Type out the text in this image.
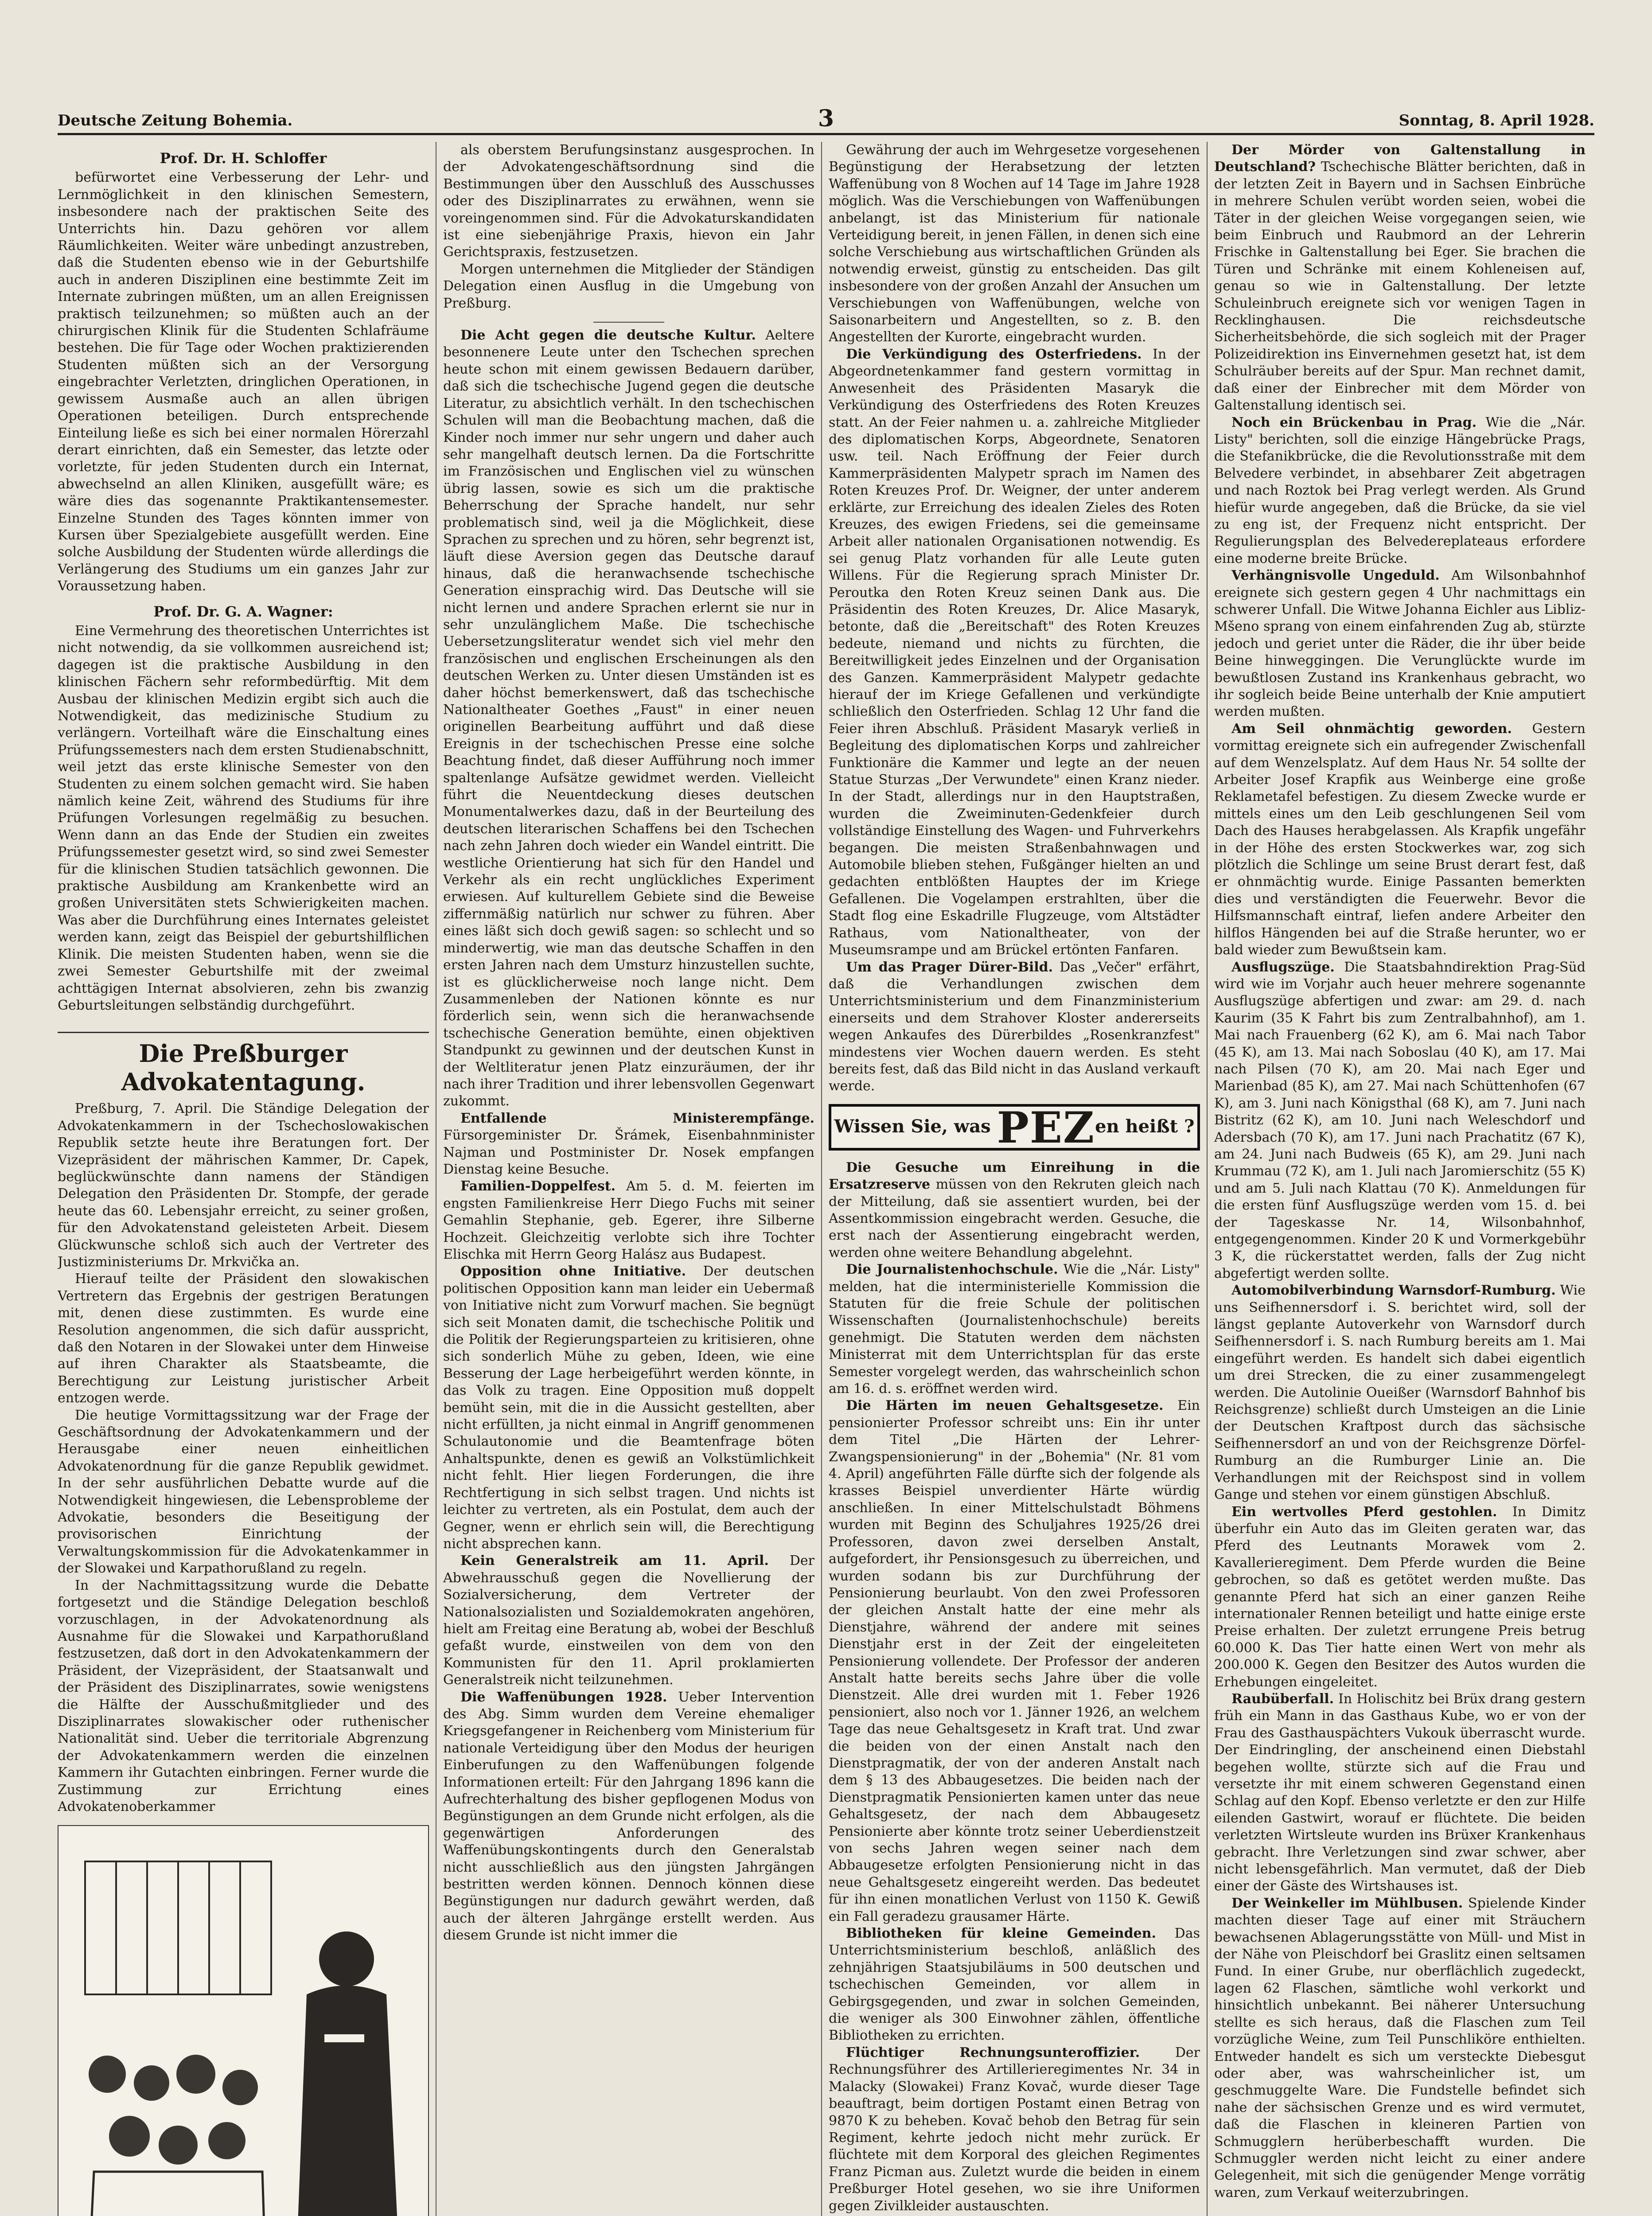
Deutsche Zeitung Bohemia.	3	Sonntag, 8. April 1928.

Prof. Dr. H. Schloffer

befürwortet eine Verbesserung der Lehr- und Lernmöglichkeit in den klinischen Semestern, insbesondere nach der praktischen Seite des Unterrichts hin. Dazu gehören vor allem Räumlichkeiten. Weiter wäre unbedingt anzustreben, daß die Studenten ebenso wie in der Geburtshilfe auch in anderen Disziplinen eine bestimmte Zeit im Internate zubringen müßten, um an allen Ereignissen praktisch teilzunehmen; so müßten auch an der chirurgischen Klinik für die Studenten Schlafräume bestehen. Die für Tage oder Wochen praktizierenden Studenten müßten sich an der Versorgung eingebrachter Verletzten, dringlichen Operationen, in gewissem Ausmaße auch an allen übrigen Operationen beteiligen. Durch entsprechende Einteilung ließe es sich bei einer normalen Hörerzahl derart einrichten, daß ein Semester, das letzte oder vorletzte, für jeden Studenten durch ein Internat, abwechselnd an allen Kliniken, ausgefüllt wäre; es wäre dies das sogenannte Praktikantensemester. Einzelne Stunden des Tages könnten immer von Kursen über Spezialgebiete ausgefüllt werden. Eine solche Ausbildung der Studenten würde allerdings die Verlängerung des Studiums um ein ganzes Jahr zur Voraussetzung haben.

Prof. Dr. G. A. Wagner:

Eine Vermehrung des theoretischen Unterrichtes ist nicht notwendig, da sie vollkommen ausreichend ist; dagegen ist die praktische Ausbildung in den klinischen Fächern sehr reformbedürftig. Mit dem Ausbau der klinischen Medizin ergibt sich auch die Notwendigkeit, das medizinische Studium zu verlängern. Vorteilhaft wäre die Einschaltung eines Prüfungssemesters nach dem ersten Studienabschnitt, weil jetzt das erste klinische Semester von den Studenten zu einem solchen gemacht wird. Sie haben nämlich keine Zeit, während des Studiums für ihre Prüfungen Vorlesungen regelmäßig zu besuchen. Wenn dann an das Ende der Studien ein zweites Prüfungssemester gesetzt wird, so sind zwei Semester für die klinischen Studien tatsächlich gewonnen. Die praktische Ausbildung am Krankenbette wird an großen Universitäten stets Schwierigkeiten machen. Was aber die Durchführung eines Internates geleistet werden kann, zeigt das Beispiel der geburtshilflichen Klinik. Die meisten Studenten haben, wenn sie die zwei Semester Geburtshilfe mit der zweimal achttägigen Internat absolvieren, zehn bis zwanzig Geburtsleitungen selbständig durchgeführt.

Die Preßburger Advokatentagung.

Preßburg, 7. April. Die Ständige Delegation der Advokatenkammern in der Tschechoslowakischen Republik setzte heute ihre Beratungen fort. Der Vizepräsident der mährischen Kammer, Dr. Capek, beglückwünschte dann namens der Ständigen Delegation den Präsidenten Dr. Stompfe, der gerade heute das 60. Lebensjahr erreicht, zu seiner großen, für den Advokatenstand geleisteten Arbeit. Diesem Glückwunsche schloß sich auch der Vertreter des Justizministeriums Dr. Mrkvička an.

Hierauf teilte der Präsident den slowakischen Vertretern das Ergebnis der gestrigen Beratungen mit, denen diese zustimmten. Es wurde eine Resolution angenommen, die sich dafür ausspricht, daß den Notaren in der Slowakei unter dem Hinweise auf ihren Charakter als Staatsbeamte, die Berechtigung zur Leistung juristischer Arbeit entzogen werde.

Die heutige Vormittagssitzung war der Frage der Geschäftsordnung der Advokatenkammern und der Herausgabe einer neuen einheitlichen Advokatenordnung für die ganze Republik gewidmet. In der sehr ausführlichen Debatte wurde auf die Notwendigkeit hingewiesen, die Lebensprobleme der Advokatie, besonders die Beseitigung der provisorischen Einrichtung der Verwaltungskommission für die Advokatenkammer in der Slowakei und Karpathorußland zu regeln.

In der Nachmittagssitzung wurde die Debatte fortgesetzt und die Ständige Delegation beschloß vorzuschlagen, in der Advokatenordnung als Ausnahme für die Slowakei und Karpathorußland festzusetzen, daß dort in den Advokatenkammern der Präsident, der Vizepräsident, der Staatsanwalt und der Präsident des Disziplinarrates, sowie wenigstens die Hälfte der Ausschußmitglieder und des Disziplinarrates slowakischer oder ruthenischer Nationalität sind. Ueber die territoriale Abgrenzung der Advokatenkammern werden die einzelnen Kammern ihr Gutachten einbringen. Ferner wurde die Zustimmung zur Errichtung eines Advokatenoberkammer

als oberstem Berufungsinstanz ausgesprochen. In der Advokatengeschäftsordnung sind die Bestimmungen über den Ausschluß des Ausschusses oder des Disziplinarrates zu erwähnen, wenn sie voreingenommen sind. Für die Advokaturskandidaten ist eine siebenjährige Praxis, hievon ein Jahr Gerichtspraxis, festzusetzen.

Morgen unternehmen die Mitglieder der Ständigen Delegation einen Ausflug in die Umgebung von Preßburg.

Die Acht gegen die deutsche Kultur. Aeltere besonnenere Leute unter den Tschechen sprechen heute schon mit einem gewissen Bedauern darüber, daß sich die tschechische Jugend gegen die deutsche Literatur, zu absichtlich verhält. In den tschechischen Schulen will man die Beobachtung machen, daß die Kinder noch immer nur sehr ungern und daher auch sehr mangelhaft deutsch lernen. Da die Fortschritte im Französischen und Englischen viel zu wünschen übrig lassen, sowie es sich um die praktische Beherrschung der Sprache handelt, nur sehr problematisch sind, weil ja die Möglichkeit, diese Sprachen zu sprechen und zu hören, sehr begrenzt ist, läuft diese Aversion gegen das Deutsche darauf hinaus, daß die heranwachsende tschechische Generation einsprachig wird. Das Deutsche will sie nicht lernen und andere Sprachen erlernt sie nur in sehr unzulänglichem Maße. Die tschechische Uebersetzungsliteratur wendet sich viel mehr den französischen und englischen Erscheinungen als den deutschen Werken zu. Unter diesen Umständen ist es daher höchst bemerkenswert, daß das tschechische Nationaltheater Goethes „Faust" in einer neuen originellen Bearbeitung aufführt und daß diese Ereignis in der tschechischen Presse eine solche Beachtung findet, daß dieser Aufführung noch immer spaltenlange Aufsätze gewidmet werden. Vielleicht führt die Neuentdeckung dieses deutschen Monumentalwerkes dazu, daß in der Beurteilung des deutschen literarischen Schaffens bei den Tschechen nach zehn Jahren doch wieder ein Wandel eintritt. Die westliche Orientierung hat sich für den Handel und Verkehr als ein recht unglückliches Experiment erwiesen. Auf kulturellem Gebiete sind die Beweise ziffernmäßig natürlich nur schwer zu führen. Aber eines läßt sich doch gewiß sagen: so schlecht und so minderwertig, wie man das deutsche Schaffen in den ersten Jahren nach dem Umsturz hinzustellen suchte, ist es glücklicherweise noch lange nicht. Dem Zusammenleben der Nationen könnte es nur förderlich sein, wenn sich die heranwachsende tschechische Generation bemühte, einen objektiven Standpunkt zu gewinnen und der deutschen Kunst in der Weltliteratur jenen Platz einzuräumen, der ihr nach ihrer Tradition und ihrer lebensvollen Gegenwart zukommt.

Entfallende Ministerempfänge. Fürsorgeminister Dr. Šrámek, Eisenbahnminister Najman und Postminister Dr. Nosek empfangen Dienstag keine Besuche.

Familien-Doppelfest. Am 5. d. M. feierten im engsten Familienkreise Herr Diego Fuchs mit seiner Gemahlin Stephanie, geb. Egerer, ihre Silberne Hochzeit. Gleichzeitig verlobte sich ihre Tochter Elischka mit Herrn Georg Halász aus Budapest.

Opposition ohne Initiative. Der deutschen politischen Opposition kann man leider ein Uebermaß von Initiative nicht zum Vorwurf machen. Sie begnügt sich seit Monaten damit, die tschechische Politik und die Politik der Regierungsparteien zu kritisieren, ohne sich sonderlich Mühe zu geben, Ideen, wie eine Besserung der Lage herbeigeführt werden könnte, in das Volk zu tragen. Eine Opposition muß doppelt bemüht sein, mit die in die Aussicht gestellten, aber nicht erfüllten, ja nicht einmal in Angriff genommenen Schulautonomie und die Beamtenfrage böten Anhaltspunkte, denen es gewiß an Volkstümlichkeit nicht fehlt. Hier liegen Forderungen, die ihre Rechtfertigung in sich selbst tragen. Und nichts ist leichter zu vertreten, als ein Postulat, dem auch der Gegner, wenn er ehrlich sein will, die Berechtigung nicht absprechen kann.

Kein Generalstreik am 11. April. Der Abwehrausschuß gegen die Novellierung der Sozialversicherung, dem Vertreter der Nationalsozialisten und Sozialdemokraten angehören, hielt am Freitag eine Beratung ab, wobei der Beschluß gefaßt wurde, einstweilen von dem von den Kommunisten für den 11. April proklamierten Generalstreik nicht teilzunehmen.

Die Waffenübungen 1928. Ueber Intervention des Abg. Simm wurden dem Vereine ehemaliger Kriegsgefangener in Reichenberg vom Ministerium für nationale Verteidigung über den Modus der heurigen Einberufungen zu den Waffenübungen folgende Informationen erteilt: Für den Jahrgang 1896 kann die Aufrechterhaltung des bisher gepflogenen Modus von Begünstigungen an dem Grunde nicht erfolgen, als die gegenwärtigen Anforderungen des Waffenübungskontingents durch den Generalstab nicht ausschließlich aus den jüngsten Jahrgängen bestritten werden können. Dennoch können diese Begünstigungen nur dadurch gewährt werden, daß auch der älteren Jahrgänge erstellt werden. Aus diesem Grunde ist nicht immer die

Gewährung der auch im Wehrgesetze vorgesehenen Begünstigung der Herabsetzung der letzten Waffenübung von 8 Wochen auf 14 Tage im Jahre 1928 möglich. Was die Verschiebungen von Waffenübungen anbelangt, ist das Ministerium für nationale Verteidigung bereit, in jenen Fällen, in denen sich eine solche Verschiebung aus wirtschaftlichen Gründen als notwendig erweist, günstig zu entscheiden. Das gilt insbesondere von der großen Anzahl der Ansuchen um Verschiebungen von Waffenübungen, welche von Saisonarbeitern und Angestellten, so z. B. den Angestellten der Kurorte, eingebracht wurden.

Die Verkündigung des Osterfriedens. In der Abgeordnetenkammer fand gestern vormittag in Anwesenheit des Präsidenten Masaryk die Verkündigung des Osterfriedens des Roten Kreuzes statt. An der Feier nahmen u. a. zahlreiche Mitglieder des diplomatischen Korps, Abgeordnete, Senatoren usw. teil. Nach Eröffnung der Feier durch Kammerpräsidenten Malypetr sprach im Namen des Roten Kreuzes Prof. Dr. Weigner, der unter anderem erklärte, zur Erreichung des idealen Zieles des Roten Kreuzes, des ewigen Friedens, sei die gemeinsame Arbeit aller nationalen Organisationen notwendig. Es sei genug Platz vorhanden für alle Leute guten Willens. Für die Regierung sprach Minister Dr. Peroutka den Roten Kreuz seinen Dank aus. Die Präsidentin des Roten Kreuzes, Dr. Alice Masaryk, betonte, daß die „Bereitschaft" des Roten Kreuzes bedeute, niemand und nichts zu fürchten, die Bereitwilligkeit jedes Einzelnen und der Organisation des Ganzen. Kammerpräsident Malypetr gedachte hierauf der im Kriege Gefallenen und verkündigte schließlich den Osterfrieden. Schlag 12 Uhr fand die Feier ihren Abschluß. Präsident Masaryk verließ in Begleitung des diplomatischen Korps und zahlreicher Funktionäre die Kammer und legte an der neuen Statue Sturzas „Der Verwundete" einen Kranz nieder. In der Stadt, allerdings nur in den Hauptstraßen, wurden die Zweiminuten-Gedenkfeier durch vollständige Einstellung des Wagen- und Fuhrverkehrs begangen. Die meisten Straßenbahnwagen und Automobile blieben stehen, Fußgänger hielten an und gedachten entblößten Hauptes der im Kriege Gefallenen. Die Vogelampen erstrahlten, über die Stadt flog eine Eskadrille Flugzeuge, vom Altstädter Rathaus, vom Nationaltheater, von der Museumsrampe und am Brückel ertönten Fanfaren.

Um das Prager Dürer-Bild. Das „Večer" erfährt, daß die Verhandlungen zwischen dem Unterrichtsministerium und dem Finanzministerium einerseits und dem Strahover Kloster andererseits wegen Ankaufes des Dürerbildes „Rosenkranzfest" mindestens vier Wochen dauern werden. Es steht bereits fest, daß das Bild nicht in das Ausland verkauft werde.

Wissen Sie, was PEZen heißt ?

Die Gesuche um Einreihung in die Ersatzreserve müssen von den Rekruten gleich nach der Mitteilung, daß sie assentiert wurden, bei der Assentkommission eingebracht werden. Gesuche, die erst nach der Assentierung eingebracht werden, werden ohne weitere Behandlung abgelehnt.

Die Journalistenhochschule. Wie die „Nár. Listy" melden, hat die interministerielle Kommission die Statuten für die freie Schule der politischen Wissenschaften (Journalistenhochschule) bereits genehmigt. Die Statuten werden dem nächsten Ministerrat mit dem Unterrichtsplan für das erste Semester vorgelegt werden, das wahrscheinlich schon am 16. d. s. eröffnet werden wird.

Die Härten im neuen Gehaltsgesetze. Ein pensionierter Professor schreibt uns: Ein ihr unter dem Titel „Die Härten der Lehrer-Zwangspensionierung" in der „Bohemia" (Nr. 81 vom 4. April) angeführten Fälle dürfte sich der folgende als krasses Beispiel unverdienter Härte würdig anschließen. In einer Mittelschulstadt Böhmens wurden mit Beginn des Schuljahres 1925/26 drei Professoren, davon zwei derselben Anstalt, aufgefordert, ihr Pensionsgesuch zu überreichen, und wurden sodann bis zur Durchführung der Pensionierung beurlaubt. Von den zwei Professoren der gleichen Anstalt hatte der eine mehr als Dienstjahre, während der andere mit seines Dienstjahr erst in der Zeit der eingeleiteten Pensionierung vollendete. Der Professor der anderen Anstalt hatte bereits sechs Jahre über die volle Dienstzeit. Alle drei wurden mit 1. Feber 1926 pensioniert, also noch vor 1. Jänner 1926, an welchem Tage das neue Gehaltsgesetz in Kraft trat. Und zwar die beiden von der einen Anstalt nach den Dienstpragmatik, der von der anderen Anstalt nach dem § 13 des Abbaugesetzes. Die beiden nach der Dienstpragmatik Pensionierten kamen unter das neue Gehaltsgesetz, der nach dem Abbaugesetz Pensionierte aber könnte trotz seiner Ueberdienstzeit von sechs Jahren wegen seiner nach dem Abbaugesetze erfolgten Pensionierung nicht in das neue Gehaltsgesetz eingereiht werden. Das bedeutet für ihn einen monatlichen Verlust von 1150 K. Gewiß ein Fall geradezu grausamer Härte.

Bibliotheken für kleine Gemeinden. Das Unterrichtsministerium beschloß, anläßlich des zehnjährigen Staatsjubiläums in 500 deutschen und tschechischen Gemeinden, vor allem in Gebirgsgegenden, und zwar in solchen Gemeinden, die weniger als 300 Einwohner zählen, öffentliche Bibliotheken zu errichten.

Flüchtiger Rechnungsunteroffizier.	Der Rechnungsführer des Artillerieregimentes Nr. 34 in Malacky (Slowakei) Franz Kovač, wurde dieser Tage beauftragt, beim dortigen Postamt einen Betrag von 9870 K zu beheben. Kovač behob den Betrag für sein Regiment, kehrte jedoch nicht mehr zurück. Er flüchtete mit dem Korporal des gleichen Regimentes Franz Picman aus. Zuletzt wurde die beiden in einem Preßburger Hotel gesehen, wo sie ihre Uniformen gegen Zivilkleider austauschten.

Der Mörder von Galtenstallung in Deutschland? Tschechische Blätter berichten, daß in der letzten Zeit in Bayern und in Sachsen Einbrüche in mehrere Schulen verübt worden seien, wobei die Täter in der gleichen Weise vorgegangen seien, wie beim Einbruch und Raubmord an der Lehrerin Frischke in Galtenstallung bei Eger. Sie brachen die Türen und Schränke mit einem Kohleneisen auf, genau so wie in Galtenstallung. Der letzte Schuleinbruch ereignete sich vor wenigen Tagen in Recklinghausen. Die reichsdeutsche Sicherheitsbehörde, die sich sogleich mit der Prager Polizeidirektion ins Einvernehmen gesetzt hat, ist dem Schulräuber bereits auf der Spur. Man rechnet damit, daß einer der Einbrecher mit dem Mörder von Galtenstallung identisch sei.

Noch ein Brückenbau in Prag. Wie die „Nár. Listy" berichten, soll die einzige Hängebrücke Prags, die Stefanikbrücke, die die Revolutionsstraße mit dem Belvedere verbindet, in absehbarer Zeit abgetragen und nach Roztok bei Prag verlegt werden. Als Grund hiefür wurde angegeben, daß die Brücke, da sie viel zu eng ist, der Frequenz nicht entspricht. Der Regulierungsplan des Belvedereplateaus erfordere eine moderne breite Brücke.

Verhängnisvolle Ungeduld. Am Wilsonbahnhof ereignete sich gestern gegen 4 Uhr nachmittags ein schwerer Unfall. Die Witwe Johanna Eichler aus Libliz-Mšeno sprang von einem einfahrenden Zug ab, stürzte jedoch und geriet unter die Räder, die ihr über beide Beine hinweggingen. Die Verunglückte wurde im bewußtlosen Zustand ins Krankenhaus gebracht, wo ihr sogleich beide Beine unterhalb der Knie amputiert werden mußten.

Am Seil ohnmächtig geworden. Gestern vormittag ereignete sich ein aufregender Zwischenfall auf dem Wenzelsplatz. Auf dem Haus Nr. 54 sollte der Arbeiter Josef Krapfik aus Weinberge eine große Reklametafel befestigen. Zu diesem Zwecke wurde er mittels eines um den Leib geschlungenen Seil vom Dach des Hauses herabgelassen. Als Krapfik ungefähr in der Höhe des ersten Stockwerkes war, zog sich plötzlich die Schlinge um seine Brust derart fest, daß er ohnmächtig wurde. Einige Passanten bemerkten dies und verständigten die Feuerwehr. Bevor die Hilfsmannschaft eintraf, liefen andere Arbeiter den hilflos Hängenden bei auf die Straße herunter, wo er bald wieder zum Bewußtsein kam.

Ausflugszüge. Die Staatsbahndirektion Prag-Süd wird wie im Vorjahr auch heuer mehrere sogenannte Ausflugszüge abfertigen und zwar: am 29. d. nach Kaurim (35 K Fahrt bis zum Zentralbahnhof), am 1. Mai nach Frauenberg (62 K), am 6. Mai nach Tabor (45 K), am 13. Mai nach Soboslau (40 K), am 17. Mai nach Pilsen (70 K), am 20. Mai nach Eger und Marienbad (85 K), am 27. Mai nach Schüttenhofen (67 K), am 3. Juni nach Königsthal (68 K), am 7. Juni nach Bistritz (62 K), am 10. Juni nach Weleschdorf und Adersbach (70 K), am 17. Juni nach Prachatitz (67 K), am 24. Juni nach Budweis (65 K), am 29. Juni nach Krummau (72 K), am 1. Juli nach Jaromierschitz (55 K) und am 5. Juli nach Klattau (70 K). Anmeldungen für die ersten fünf Ausflugszüge werden vom 15. d. bei der Tageskasse Nr. 14, Wilsonbahnhof, entgegengenommen. Kinder 20 K und Vormerkgebühr 3 K, die rückerstattet werden, falls der Zug nicht abgefertigt werden sollte.

Automobilverbindung Warnsdorf-Rumburg. Wie uns Seifhennersdorf i. S. berichtet wird, soll der längst geplante Autoverkehr von Warnsdorf durch Seifhennersdorf i. S. nach Rumburg bereits am 1. Mai eingeführt werden. Es handelt sich dabei eigentlich um drei Strecken, die zu einer zusammengelegt werden. Die Autolinie Oueißer (Warnsdorf Bahnhof bis Reichsgrenze) schließt durch Umsteigen an die Linie der Deutschen Kraftpost durch das sächsische Seifhennersdorf an und von der Reichsgrenze Dörfel-Rumburg an die Rumburger Linie an. Die Verhandlungen mit der Reichspost sind in vollem Gange und stehen vor einem günstigen Abschluß.

Ein wertvolles Pferd gestohlen. In Dimitz überfuhr ein Auto das im Gleiten geraten war, das Pferd des Leutnants Morawek vom 2. Kavallerieregiment. Dem Pferde wurden die Beine gebrochen, so daß es getötet werden mußte. Das genannte Pferd hat sich an einer ganzen Reihe internationaler Rennen beteiligt und hatte einige erste Preise erhalten. Der zuletzt errungene Preis betrug 60.000 K. Das Tier hatte einen Wert von mehr als 200.000 K. Gegen den Besitzer des Autos wurden die Erhebungen eingeleitet.

Raubüberfall. In Holischitz bei Brüx drang gestern früh ein Mann in das Gasthaus Kube, wo er von der Frau des Gasthauspächters Vukouk überrascht wurde. Der Eindringling, der anscheinend einen Diebstahl begehen wollte, stürzte sich auf die Frau und versetzte ihr mit einem schweren Gegenstand einen Schlag auf den Kopf. Ebenso verletzte er den zur Hilfe eilenden Gastwirt, worauf er flüchtete. Die beiden verletzten Wirtsleute wurden ins Brüxer Krankenhaus gebracht. Ihre Verletzungen sind zwar schwer, aber nicht lebensgefährlich. Man vermutet, daß der Dieb einer der Gäste des Wirtshauses ist.

Der Weinkeller im Mühlbusen. Spielende Kinder machten dieser Tage auf einer mit Sträuchern bewachsenen Ablagerungsstätte von Müll- und Mist in der Nähe von Pleischdorf bei Graslitz einen seltsamen Fund. In einer Grube, nur oberflächlich zugedeckt, lagen 62 Flaschen, sämtliche wohl verkorkt und hinsichtlich unbekannt. Bei näherer Untersuchung stellte es sich heraus, daß die Flaschen zum Teil vorzügliche Weine, zum Teil Punschliköre enthielten. Entweder handelt es sich um versteckte Diebesgut oder aber, was wahrscheinlicher ist, um geschmuggelte Ware. Die Fundstelle befindet sich nahe der sächsischen Grenze und es wird vermutet, daß die Flaschen in kleineren Partien von Schmugglern herüberbeschafft wurden. Die Schmuggler werden nicht leicht zu einer andere Gelegenheit, mit sich die genügender Menge vorrätig waren, zum Verkauf weiterzubringen.
